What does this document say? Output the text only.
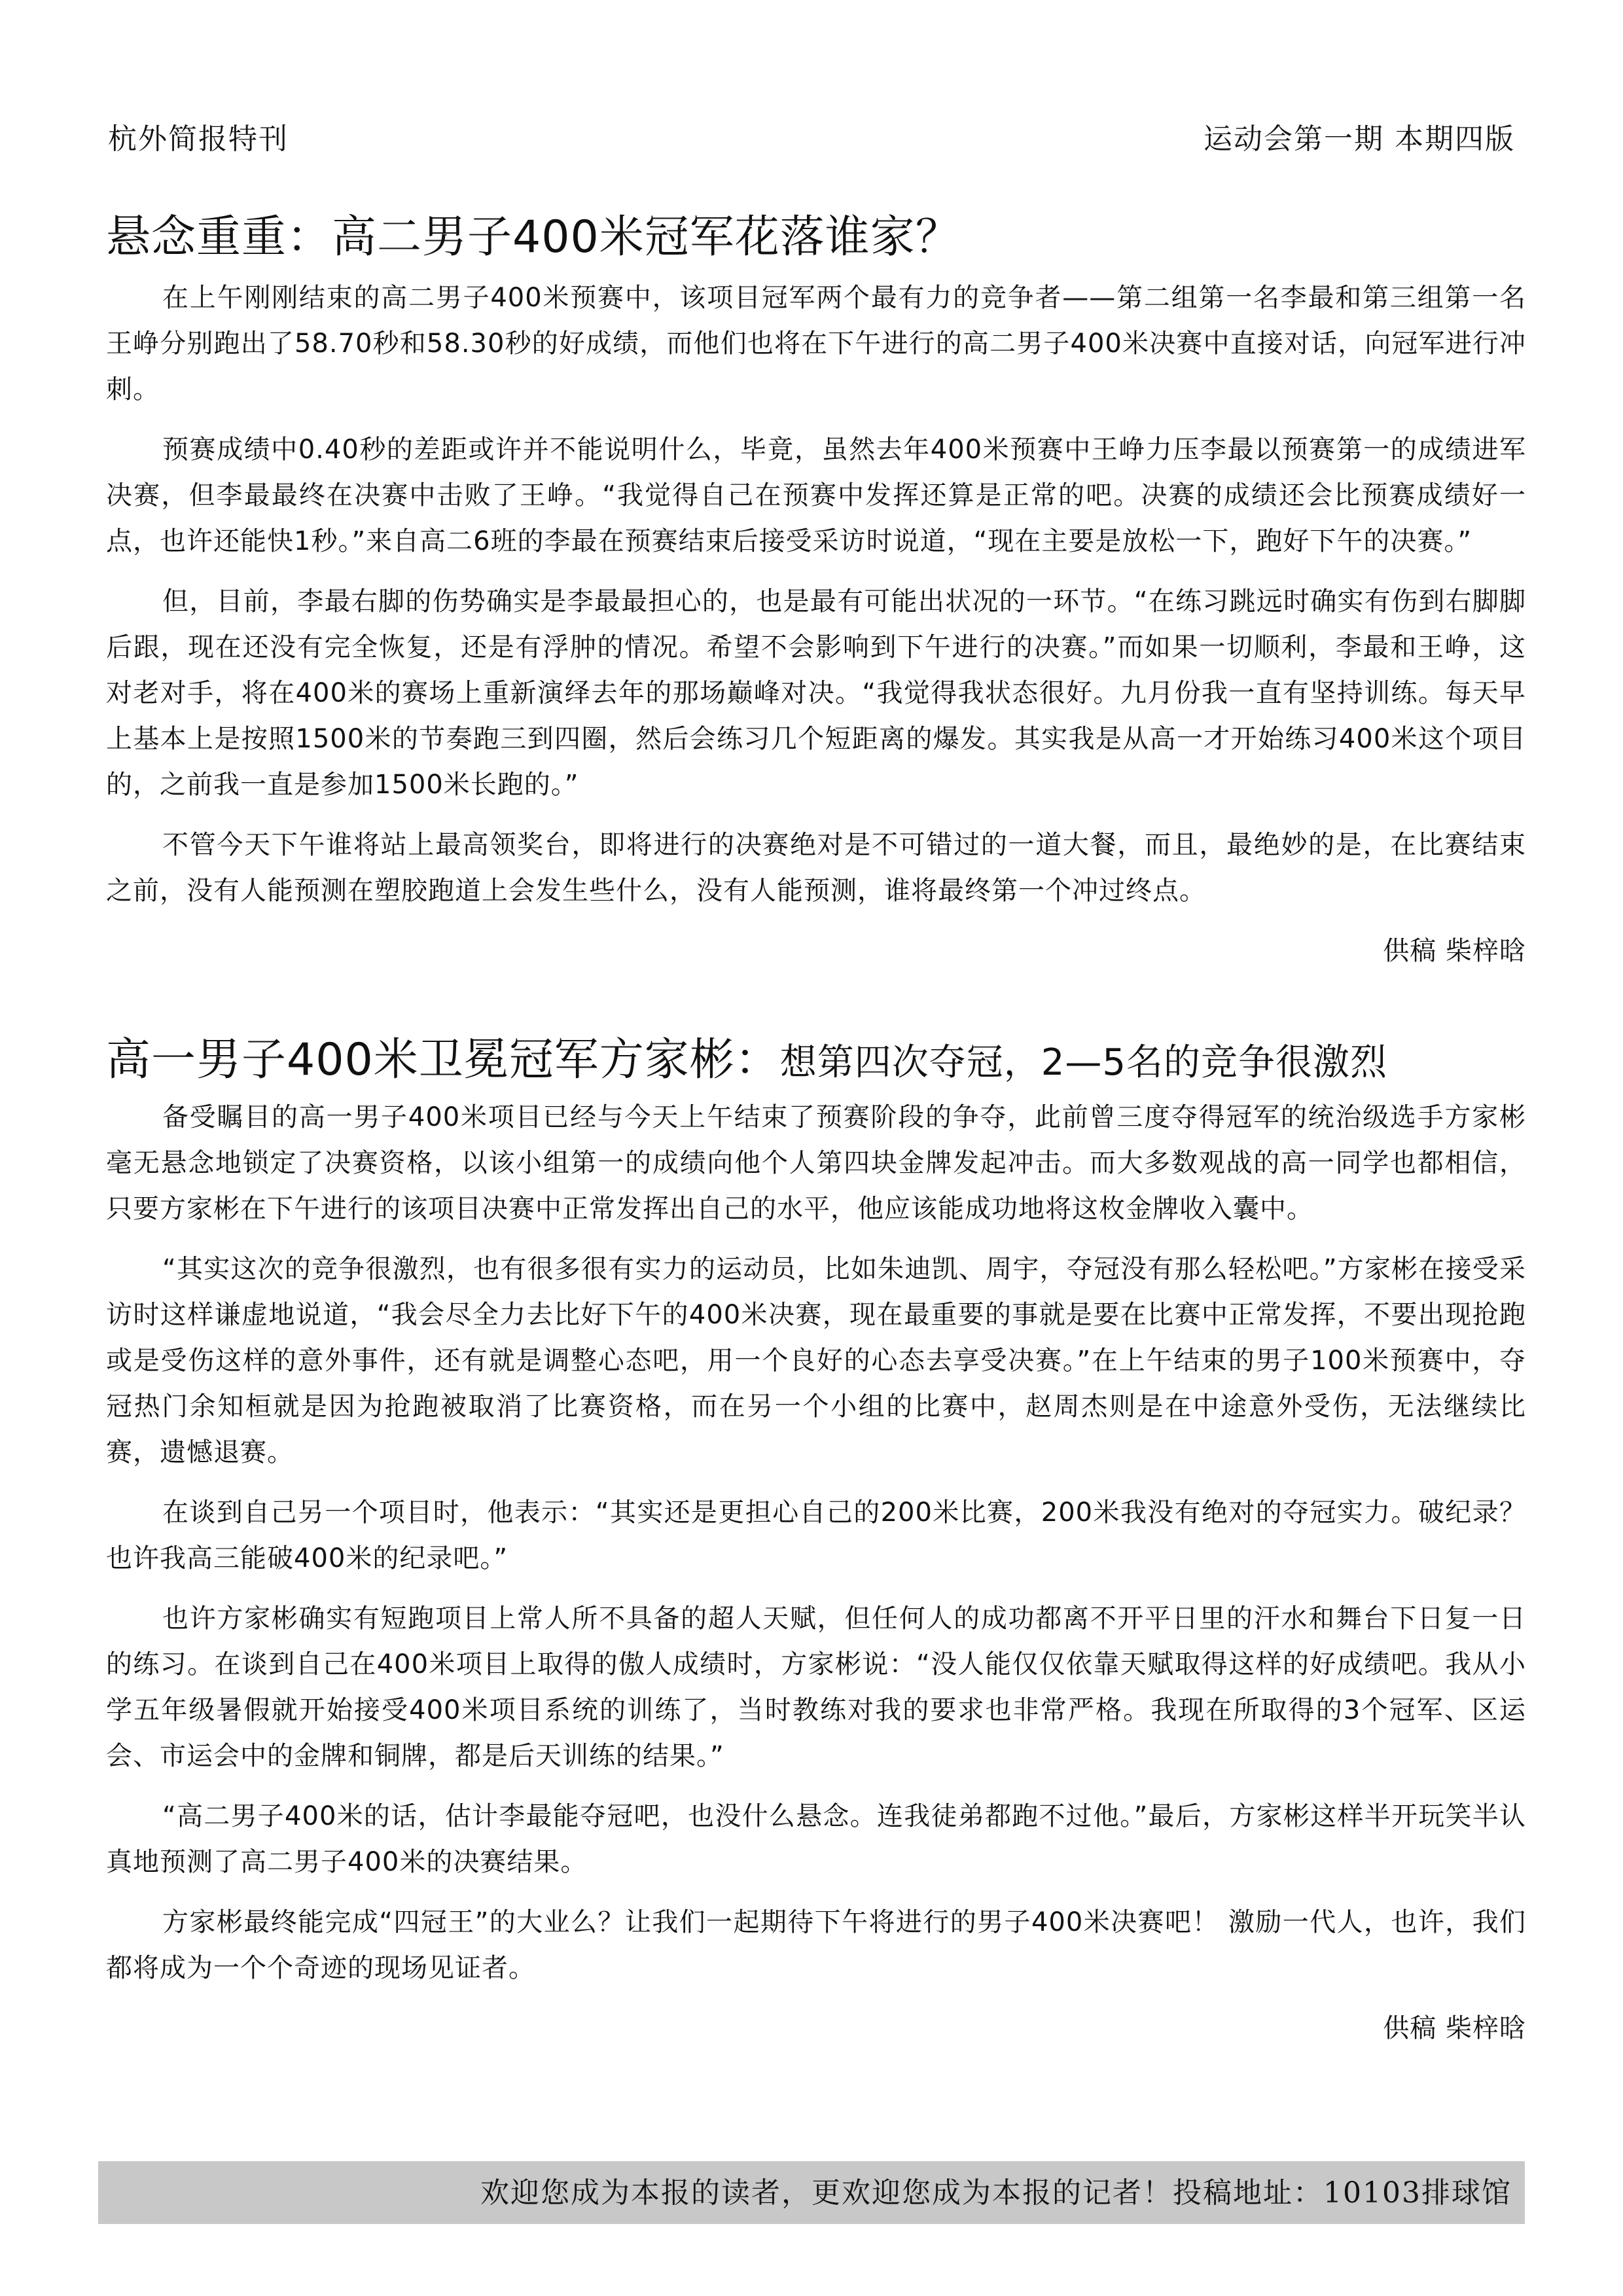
杭外简报特刊	运动会第一期 本期四版
悬念重重：高二男子400米冠军花落谁家？

在上午刚刚结束的高二男子400米预赛中，该项目冠军两个最有力的竞争者——第二组第一名李最和第三组第一名王峥分别跑出了58.70秒和58.30秒的好成绩，而他们也将在下午进行的高二男子400米决赛中直接对话，向冠军进行冲刺。

预赛成绩中0.40秒的差距或许并不能说明什么，毕竟，虽然去年400米预赛中王峥力压李最以预赛第一的成绩进军决赛，但李最最终在决赛中击败了王峥。“我觉得自己在预赛中发挥还算是正常的吧。决赛的成绩还会比预赛成绩好一点，也许还能快1秒。”来自高二6班的李最在预赛结束后接受采访时说道，“现在主要是放松一下，跑好下午的决赛。”

但，目前，李最右脚的伤势确实是李最最担心的，也是最有可能出状况的一环节。“在练习跳远时确实有伤到右脚脚后跟，现在还没有完全恢复，还是有浮肿的情况。希望不会影响到下午进行的决赛。”而如果一切顺利，李最和王峥，这对老对手，将在400米的赛场上重新演绎去年的那场巅峰对决。“我觉得我状态很好。九月份我一直有坚持训练。每天早上基本上是按照1500米的节奏跑三到四圈，然后会练习几个短距离的爆发。其实我是从高一才开始练习400米这个项目的，之前我一直是参加1500米长跑的。”

不管今天下午谁将站上最高领奖台，即将进行的决赛绝对是不可错过的一道大餐，而且，最绝妙的是，在比赛结束之前，没有人能预测在塑胶跑道上会发生些什么，没有人能预测，谁将最终第一个冲过终点。

供稿 柴梓晗
高一男子400米卫冕冠军方家彬：想第四次夺冠，2—5名的竞争很激烈

备受瞩目的高一男子400米项目已经与今天上午结束了预赛阶段的争夺，此前曾三度夺得冠军的统治级选手方家彬毫无悬念地锁定了决赛资格，以该小组第一的成绩向他个人第四块金牌发起冲击。而大多数观战的高一同学也都相信，只要方家彬在下午进行的该项目决赛中正常发挥出自己的水平，他应该能成功地将这枚金牌收入囊中。

“其实这次的竞争很激烈，也有很多很有实力的运动员，比如朱迪凯、周宇，夺冠没有那么轻松吧。”方家彬在接受采访时这样谦虚地说道，“我会尽全力去比好下午的400米决赛，现在最重要的事就是要在比赛中正常发挥，不要出现抢跑或是受伤这样的意外事件，还有就是调整心态吧，用一个良好的心态去享受决赛。”在上午结束的男子100米预赛中，夺冠热门余知桓就是因为抢跑被取消了比赛资格，而在另一个小组的比赛中，赵周杰则是在中途意外受伤，无法继续比赛，遗憾退赛。

在谈到自己另一个项目时，他表示：“其实还是更担心自己的200米比赛，200米我没有绝对的夺冠实力。破纪录？也许我高三能破400米的纪录吧。”

也许方家彬确实有短跑项目上常人所不具备的超人天赋，但任何人的成功都离不开平日里的汗水和舞台下日复一日的练习。在谈到自己在400米项目上取得的傲人成绩时，方家彬说：“没人能仅仅依靠天赋取得这样的好成绩吧。我从小学五年级暑假就开始接受400米项目系统的训练了，当时教练对我的要求也非常严格。我现在所取得的3个冠军、区运会、市运会中的金牌和铜牌，都是后天训练的结果。”

“高二男子400米的话，估计李最能夺冠吧，也没什么悬念。连我徒弟都跑不过他。”最后，方家彬这样半开玩笑半认真地预测了高二男子400米的决赛结果。

方家彬最终能完成“四冠王”的大业么？让我们一起期待下午将进行的男子400米决赛吧！ 激励一代人，也许，我们都将成为一个个奇迹的现场见证者。

供稿 柴梓晗
欢迎您成为本报的读者，更欢迎您成为本报的记者！投稿地址：10103排球馆
